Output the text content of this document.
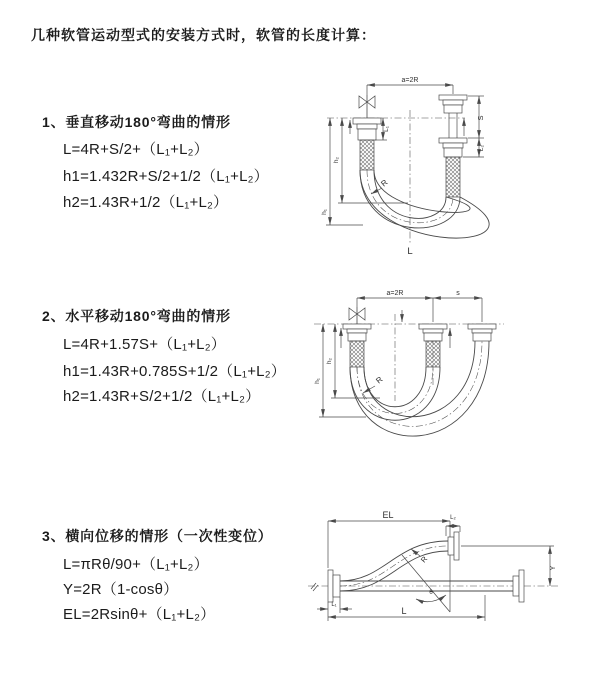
几种软管运动型式的安装方式时，软管的长度计算：
1、垂直移动180°弯曲的情形
L=4R+S/2+（L₁+L₂）
h1=1.432R+S/2+1/2（L₁+L₂）
h2=1.43R+1/2（L₁+L₂）
2、水平移动180°弯曲的情形
L=4R+1.57S+（L₁+L₂）
h1=1.43R+0.785S+1/2（L₁+L₂）
h2=1.43R+S/2+1/2（L₁+L₂）
3、横向位移的情形（一次性变位）
L=πRθ/90+（L₁+L₂）
Y=2R（1-cosθ）
EL=2Rsinθ+（L₁+L₂）
a=2R
S
L₂
L₁
h₁
h₂
R
L
a=2R	s
h₁
h₂
R
EL	L₂
Y
R
θ
L
L₁
